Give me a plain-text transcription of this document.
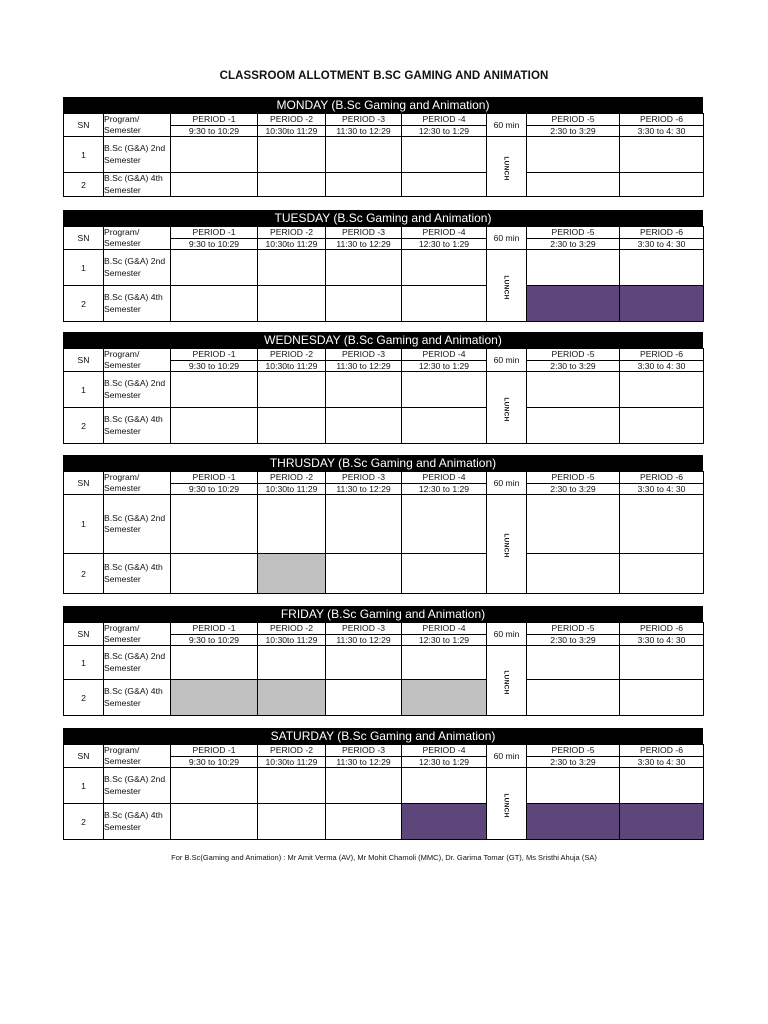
CLASSROOM ALLOTMENT B.SC GAMING AND ANIMATION
MONDAY (B.Sc Gaming and Animation)
SN	Program/ Semester	PERIOD -1	PERIOD -2	PERIOD -3	PERIOD -4	60 min	PERIOD -5	PERIOD -6
		9:30 to 10:29	10:30to 11:29	11:30 to 12:29	12:30 to 1:29		2:30 to 3:29	3:30 to 4: 30
1	B.Sc (G&A) 2nd Semester					LUNCH		
2	B.Sc (G&A) 4th Semester							
TUESDAY (B.Sc Gaming and Animation)
SN	Program/ Semester	PERIOD -1	PERIOD -2	PERIOD -3	PERIOD -4	60 min	PERIOD -5	PERIOD -6
		9:30 to 10:29	10:30to 11:29	11:30 to 12:29	12:30 to 1:29		2:30 to 3:29	3:30 to 4: 30
1	B.Sc (G&A) 2nd Semester					LUNCH		
2	B.Sc (G&A) 4th Semester							
WEDNESDAY (B.Sc Gaming and Animation)
SN	Program/ Semester	PERIOD -1	PERIOD -2	PERIOD -3	PERIOD -4	60 min	PERIOD -5	PERIOD -6
		9:30 to 10:29	10:30to 11:29	11:30 to 12:29	12:30 to 1:29		2:30 to 3:29	3:30 to 4: 30
1	B.Sc (G&A) 2nd Semester					LUNCH		
2	B.Sc (G&A) 4th Semester							
THRUSDAY (B.Sc Gaming and Animation)
SN	Program/ Semester	PERIOD -1	PERIOD -2	PERIOD -3	PERIOD -4	60 min	PERIOD -5	PERIOD -6
		9:30 to 10:29	10:30to 11:29	11:30 to 12:29	12:30 to 1:29		2:30 to 3:29	3:30 to 4: 30
1	B.Sc (G&A) 2nd Semester					LUNCH		
2	B.Sc (G&A) 4th Semester							
FRIDAY (B.Sc Gaming and Animation)
SN	Program/ Semester	PERIOD -1	PERIOD -2	PERIOD -3	PERIOD -4	60 min	PERIOD -5	PERIOD -6
		9:30 to 10:29	10:30to 11:29	11:30 to 12:29	12:30 to 1:29		2:30 to 3:29	3:30 to 4: 30
1	B.Sc (G&A) 2nd Semester					LUNCH		
2	B.Sc (G&A) 4th Semester							
SATURDAY (B.Sc Gaming and Animation)
SN	Program/ Semester	PERIOD -1	PERIOD -2	PERIOD -3	PERIOD -4	60 min	PERIOD -5	PERIOD -6
		9:30 to 10:29	10:30to 11:29	11:30 to 12:29	12:30 to 1:29		2:30 to 3:29	3:30 to 4: 30
1	B.Sc (G&A) 2nd Semester					LUNCH		
2	B.Sc (G&A) 4th Semester							
For B.Sc(Gaming and Animation) : Mr Amit Verma (AV), Mr Mohit Chamoli (MMC), Dr. Garima Tomar (GT), Ms Sristhi Ahuja (SA)
